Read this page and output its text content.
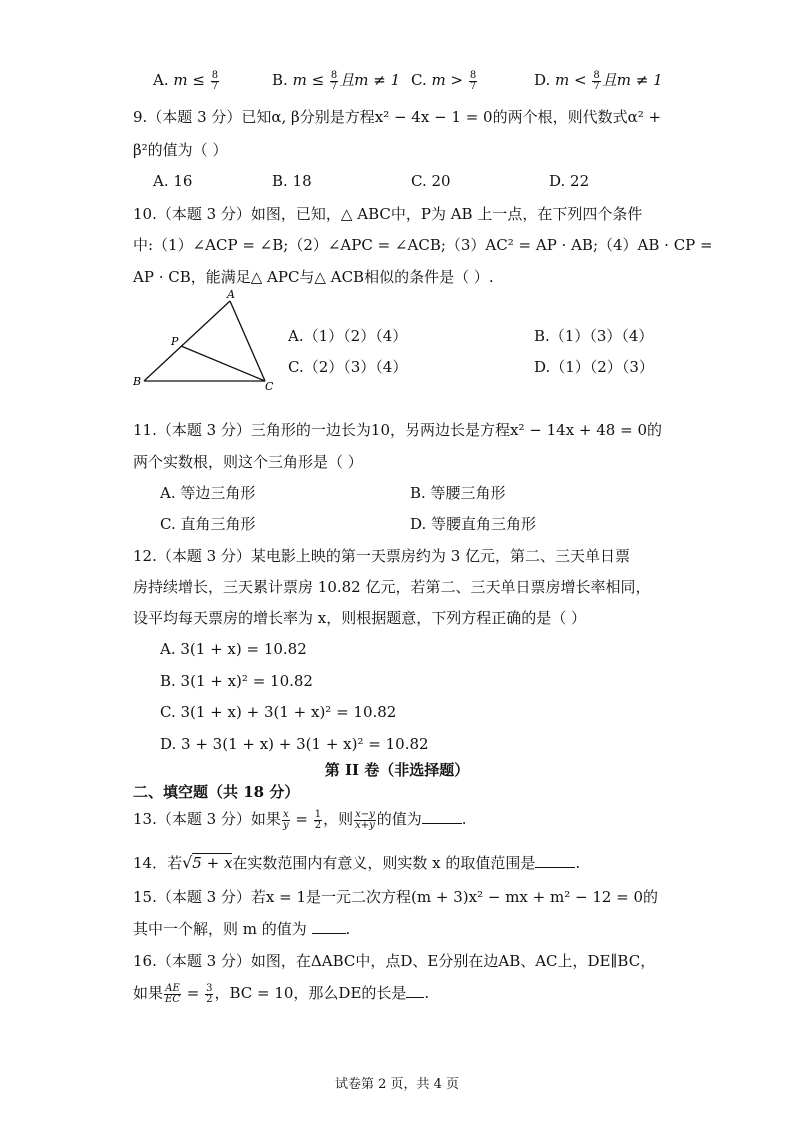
A. $m \le \frac{8}{7}$	B. $m \le \frac{8}{7}$ 且m ≠ 1 C. $m > \frac{8}{7}$	D. $m < \frac{8}{7}$ 且m ≠ 1
9.（本题 3 分）已知α, β分别是方程x² − 4x − 1 = 0的两个根，则代数式α² +
β²的值为（ ）
A. 16	B. 18	C. 20	D. 22
10.（本题 3 分）如图，已知，△ ABC中，P为 AB 上一点，在下列四个条件
中:（1）∠ACP = ∠B;（2）∠APC = ∠ACB;（3）AC² = AP · AB;（4）AB · CP =
AP · CB，能满足△ APC与△ ACB相似的条件是（ ）.
A
P
B	C
A.（1）（2）（4）	B.（1）（3）（4）
C.（2）（3）（4）	D.（1）（2）（3）
11.（本题 3 分）三角形的一边长为10，另两边长是方程x² − 14x + 48 = 0的
两个实数根，则这个三角形是（ ）
A. 等边三角形	B. 等腰三角形
C. 直角三角形	D. 等腰直角三角形
12.（本题 3 分）某电影上映的第一天票房约为 3 亿元，第二、三天单日票
房持续增长，三天累计票房 10.82 亿元，若第二、三天单日票房增长率相同，
设平均每天票房的增长率为 x，则根据题意，下列方程正确的是（ ）
A. 3(1 + x) = 10.82
B. 3(1 + x)² = 10.82
C. 3(1 + x) + 3(1 + x)² = 10.82
D. 3 + 3(1 + x) + 3(1 + x)² = 10.82
第 II 卷（非选择题）
二、填空题（共 18 分）
13.（本题 3 分）如果 $\frac{x}{y} = \frac{1}{2}$ ，则 $\frac{x-y}{x+y}$ 的值为	.
14．若√5 + x在实数范围内有意义，则实数 x 的取值范围是	.
15.（本题 3 分）若x = 1是一元二次方程(m + 3)x² − mx + m² − 12 = 0的
其中一个解，则 m 的值为 .
16.（本题 3 分）如图，在ΔABC中，点D、E分别在边AB、AC上，DE∥BC，
如果 $\frac{AE}{EC} = \frac{3}{2}$ ，BC = 10，那么DE的长是 .
试卷第 2 页，共 4 页
